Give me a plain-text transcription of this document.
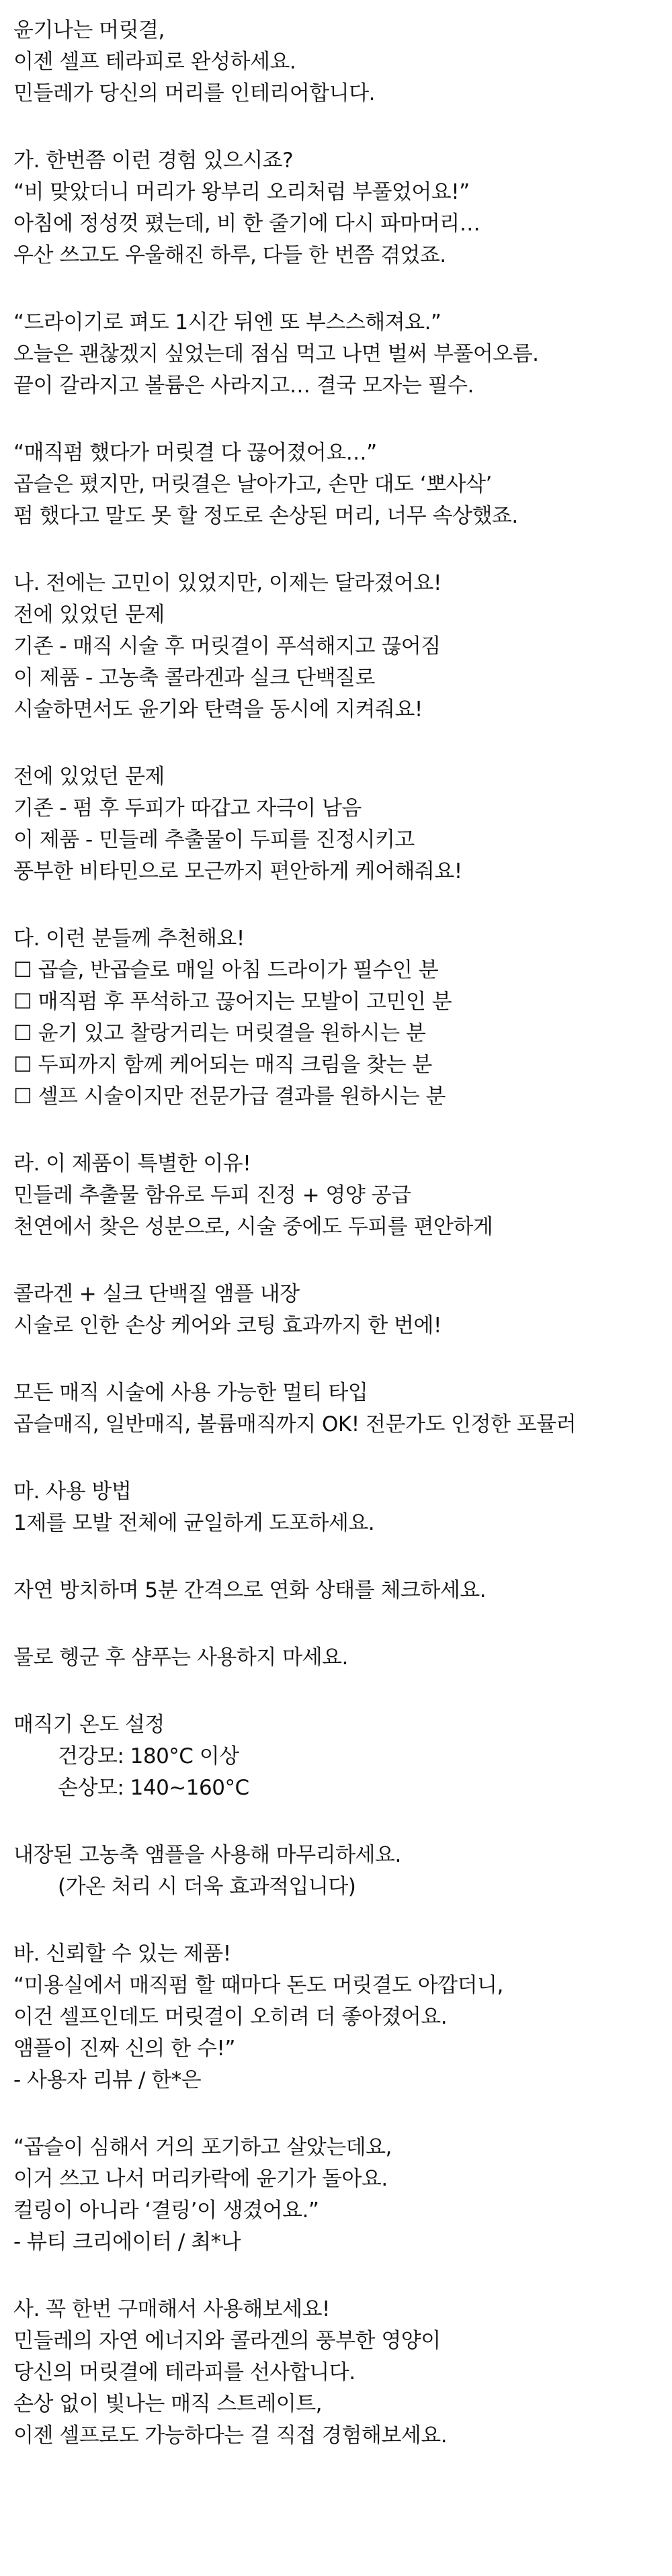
윤기나는 머릿결,
이젠 셀프 테라피로 완성하세요.
민들레가 당신의 머리를 인테리어합니다.
가. 한번쯤 이런 경험 있으시죠?
“비 맞았더니 머리가 왕부리 오리처럼 부풀었어요!”
아침에 정성껏 폈는데, 비 한 줄기에 다시 파마머리…
우산 쓰고도 우울해진 하루, 다들 한 번쯤 겪었죠.
“드라이기로 펴도 1시간 뒤엔 또 부스스해져요.”
오늘은 괜찮겠지 싶었는데 점심 먹고 나면 벌써 부풀어오름.
끝이 갈라지고 볼륨은 사라지고… 결국 모자는 필수.
“매직펌 했다가 머릿결 다 끊어졌어요…”
곱슬은 폈지만, 머릿결은 날아가고, 손만 대도 ‘뽀사삭’
펌 했다고 말도 못 할 정도로 손상된 머리, 너무 속상했죠.
나. 전에는 고민이 있었지만, 이제는 달라졌어요!
전에 있었던 문제
기존 - 매직 시술 후 머릿결이 푸석해지고 끊어짐
이 제품 - 고농축 콜라겐과 실크 단백질로
시술하면서도 윤기와 탄력을 동시에 지켜줘요!
전에 있었던 문제
기존 - 펌 후 두피가 따갑고 자극이 남음
이 제품 - 민들레 추출물이 두피를 진정시키고
풍부한 비타민으로 모근까지 편안하게 케어해줘요!
다. 이런 분들께 추천해요!
☐ 곱슬, 반곱슬로 매일 아침 드라이가 필수인 분
☐ 매직펌 후 푸석하고 끊어지는 모발이 고민인 분
☐ 윤기 있고 찰랑거리는 머릿결을 원하시는 분
☐ 두피까지 함께 케어되는 매직 크림을 찾는 분
☐ 셀프 시술이지만 전문가급 결과를 원하시는 분
라. 이 제품이 특별한 이유!
민들레 추출물 함유로 두피 진정 + 영양 공급
천연에서 찾은 성분으로, 시술 중에도 두피를 편안하게
콜라겐 + 실크 단백질 앰플 내장
시술로 인한 손상 케어와 코팅 효과까지 한 번에!
모든 매직 시술에 사용 가능한 멀티 타입
곱슬매직, 일반매직, 볼륨매직까지 OK! 전문가도 인정한 포뮬러
마. 사용 방법
1제를 모발 전체에 균일하게 도포하세요.
자연 방치하며 5분 간격으로 연화 상태를 체크하세요.
물로 헹군 후 샴푸는 사용하지 마세요.
매직기 온도 설정
건강모: 180°C 이상
손상모: 140~160°C
내장된 고농축 앰플을 사용해 마무리하세요.
(가온 처리 시 더욱 효과적입니다)
바. 신뢰할 수 있는 제품!
“미용실에서 매직펌 할 때마다 돈도 머릿결도 아깝더니,
이건 셀프인데도 머릿결이 오히려 더 좋아졌어요.
앰플이 진짜 신의 한 수!”
- 사용자 리뷰 / 한*은
“곱슬이 심해서 거의 포기하고 살았는데요,
이거 쓰고 나서 머리카락에 윤기가 돌아요.
컬링이 아니라 ‘결링’이 생겼어요.”
- 뷰티 크리에이터 / 최*나
사. 꼭 한번 구매해서 사용해보세요!
민들레의 자연 에너지와 콜라겐의 풍부한 영양이
당신의 머릿결에 테라피를 선사합니다.
손상 없이 빛나는 매직 스트레이트,
이젠 셀프로도 가능하다는 걸 직접 경험해보세요.
